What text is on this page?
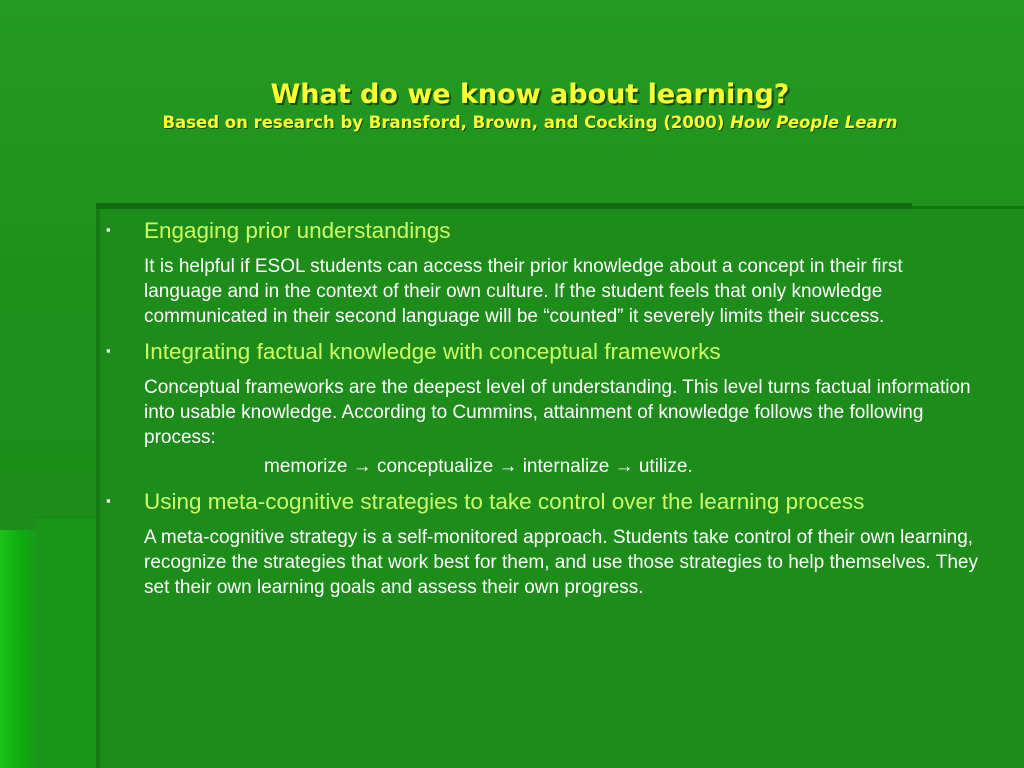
What do we know about learning?
Based on research by Bransford, Brown, and Cocking (2000) How People Learn
▪ Engaging prior understandings
It is helpful if ESOL students can access their prior knowledge about a concept in their first language and in the context of their own culture. If the student feels that only knowledge communicated in their second language will be “counted” it severely limits their success.
▪ Integrating factual knowledge with conceptual frameworks
Conceptual frameworks are the deepest level of understanding. This level turns factual information into usable knowledge. According to Cummins, attainment of knowledge follows the following process:
memorize → conceptualize → internalize → utilize.
▪ Using meta-cognitive strategies to take control over the learning process
A meta-cognitive strategy is a self-monitored approach. Students take control of their own learning, recognize the strategies that work best for them, and use those strategies to help themselves. They set their own learning goals and assess their own progress.
